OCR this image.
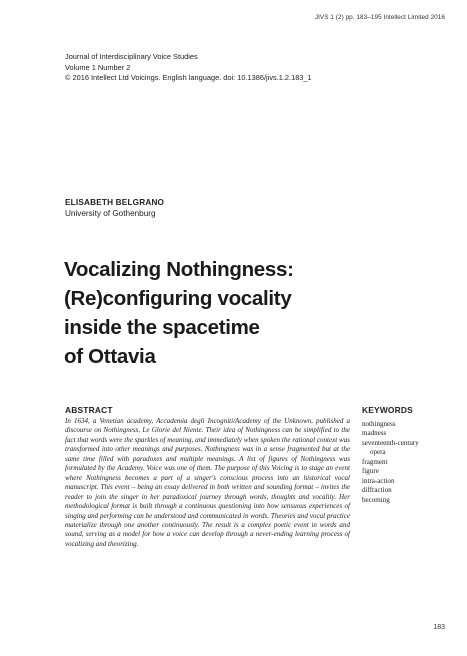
JIVS 1 (2) pp. 183–195 Intellect Limited 2016
Journal of Interdisciplinary Voice Studies
Volume 1 Number 2
© 2016 Intellect Ltd Voicings. English language. doi: 10.1386/jivs.1.2.183_1
ELISABETH BELGRANO
University of Gothenburg
Vocalizing Nothingness:
(Re)configuring vocality
inside the spacetime
of Ottavia
ABSTRACT

In 1634, a Venetian academy, Accademia degli Incogniti/Academy of the Unknown, published a discourse on Nothingness, Le Glorie del Niente. Their idea of Nothingness can be simplified to the fact that words were the sparkles of meaning, and immediately when spoken the rational context was transformed into other meanings and purposes. Nothingness was in a sense fragmented but at the same time filled with paradoxes and multiple meanings. A list of figures of Nothingness was formulated by the Academy. Voice was one of them. The purpose of this Voicing is to stage an event where Nothingness becomes a part of a singer's conscious process into an historical vocal manuscript. This event – being an essay delivered in both written and sounding format – invites the reader to join the singer in her paradoxical journey through words, thoughts and vocality. Her methodological format is built through a continuous questioning into how sensuous experiences of singing and performing can be understood and communicated in words. Theories and vocal practice materialize through one another continuously. The result is a complex poetic event in words and sound, serving as a model for how a voice can develop through a never-ending learning process of vocalizing and theorizing.

KEYWORDS
nothingness
madness
seventeenth-century
opera
fragment
figure
intra-action
diffraction
becoming
183
